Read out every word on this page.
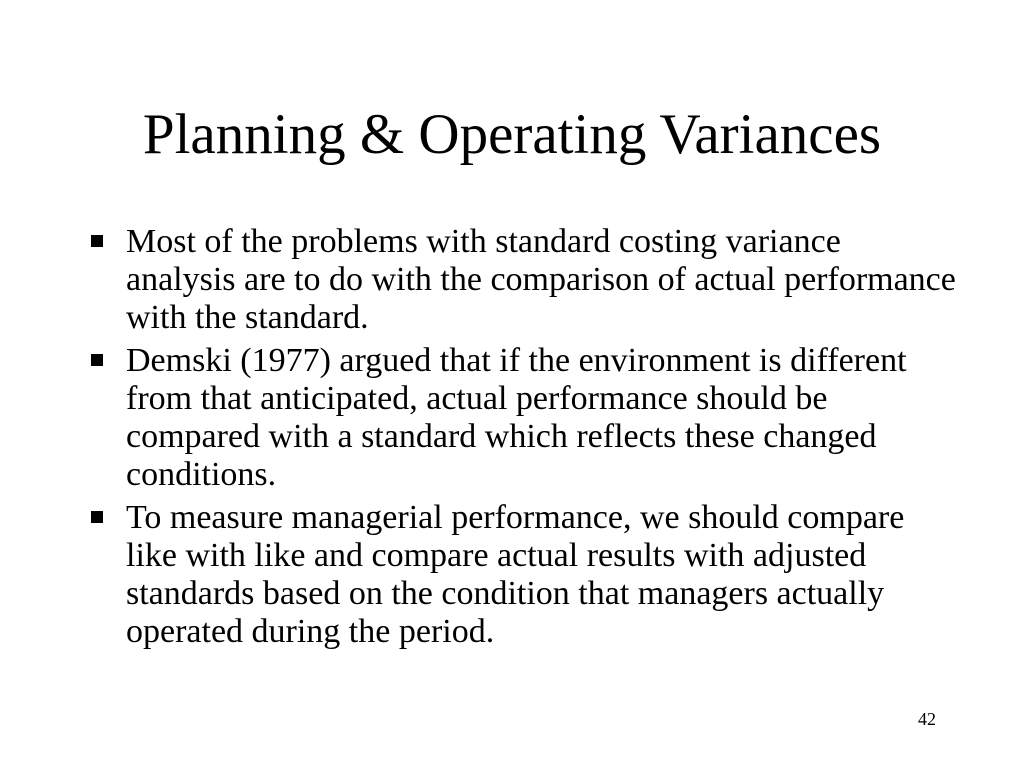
Planning & Operating Variances
Most of the problems with standard costing variance analysis are to do with the comparison of actual performance with the standard.
Demski (1977) argued that if the environment is different from that anticipated, actual performance should be compared with a standard which reflects these changed conditions.
To measure managerial performance, we should compare like with like and compare actual results with adjusted standards based on the condition that managers actually operated during the period.
42
